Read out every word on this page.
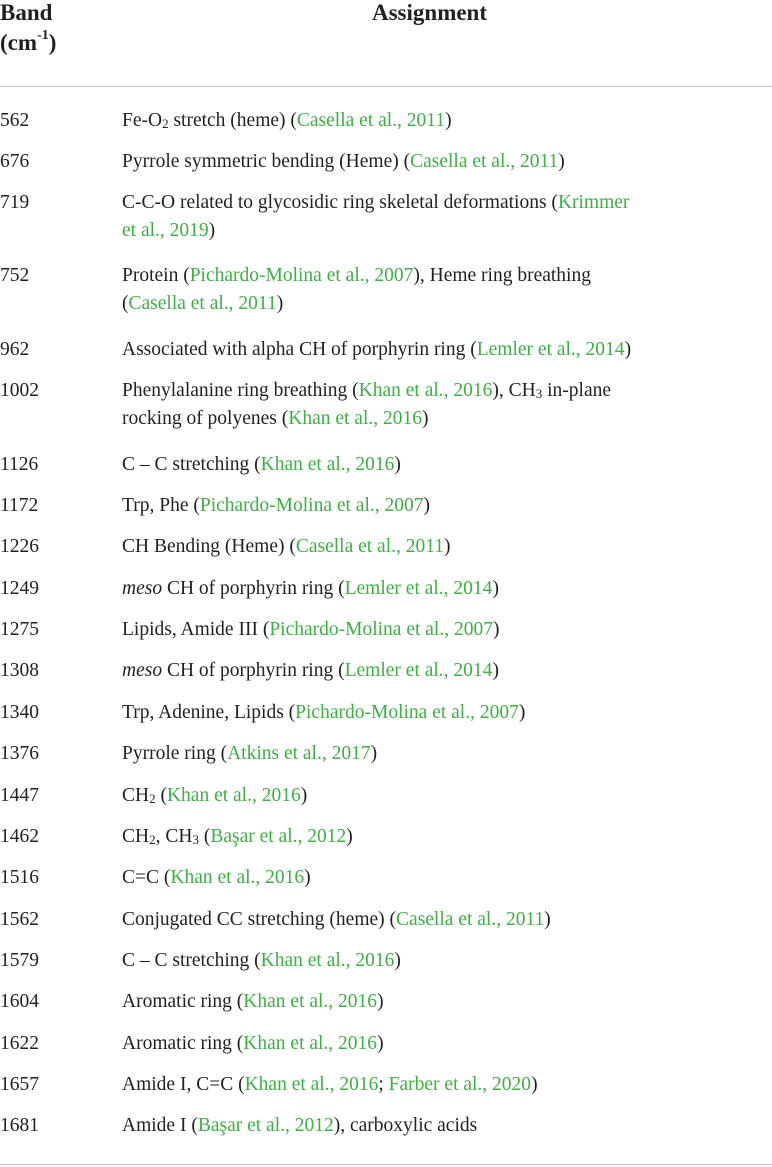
Band
$(cm^{-1})$
Assignment
562	$Fe-O_2$ stretch (heme) (Casella et al., 2011)
676	Pyrrole symmetric bending (Heme) (Casella et al., 2011)
719	C-C-O related to glycosidic ring skeletal deformations (Krimmer
et al., 2019)
752	Protein (Pichardo-Molina et al., 2007), Heme ring breathing
(Casella et al., 2011)
962	Associated with alpha CH of porphyrin ring (Lemler et al., 2014)
1002	Phenylalanine ring breathing (Khan et al., 2016), $CH_3$ in-plane
rocking of polyenes (Khan et al., 2016)
1126	C – C stretching (Khan et al., 2016)
1172	Trp, Phe (Pichardo-Molina et al., 2007)
1226	CH Bending (Heme) (Casella et al., 2011)
1249	meso CH of porphyrin ring (Lemler et al., 2014)
1275	Lipids, Amide III (Pichardo-Molina et al., 2007)
1308	meso CH of porphyrin ring (Lemler et al., 2014)
1340	Trp, Adenine, Lipids (Pichardo-Molina et al., 2007)
1376	Pyrrole ring (Atkins et al., 2017)
1447	$CH_2$ (Khan et al., 2016)
1462	$CH_2$, $CH_3$ (Başar et al., 2012)
1516	C=C (Khan et al., 2016)
1562	Conjugated CC stretching (heme) (Casella et al., 2011)
1579	C – C stretching (Khan et al., 2016)
1604	Aromatic ring (Khan et al., 2016)
1622	Aromatic ring (Khan et al., 2016)
1657	Amide I, C=C (Khan et al., 2016; Farber et al., 2020)
1681	Amide I (Başar et al., 2012), carboxylic acids
